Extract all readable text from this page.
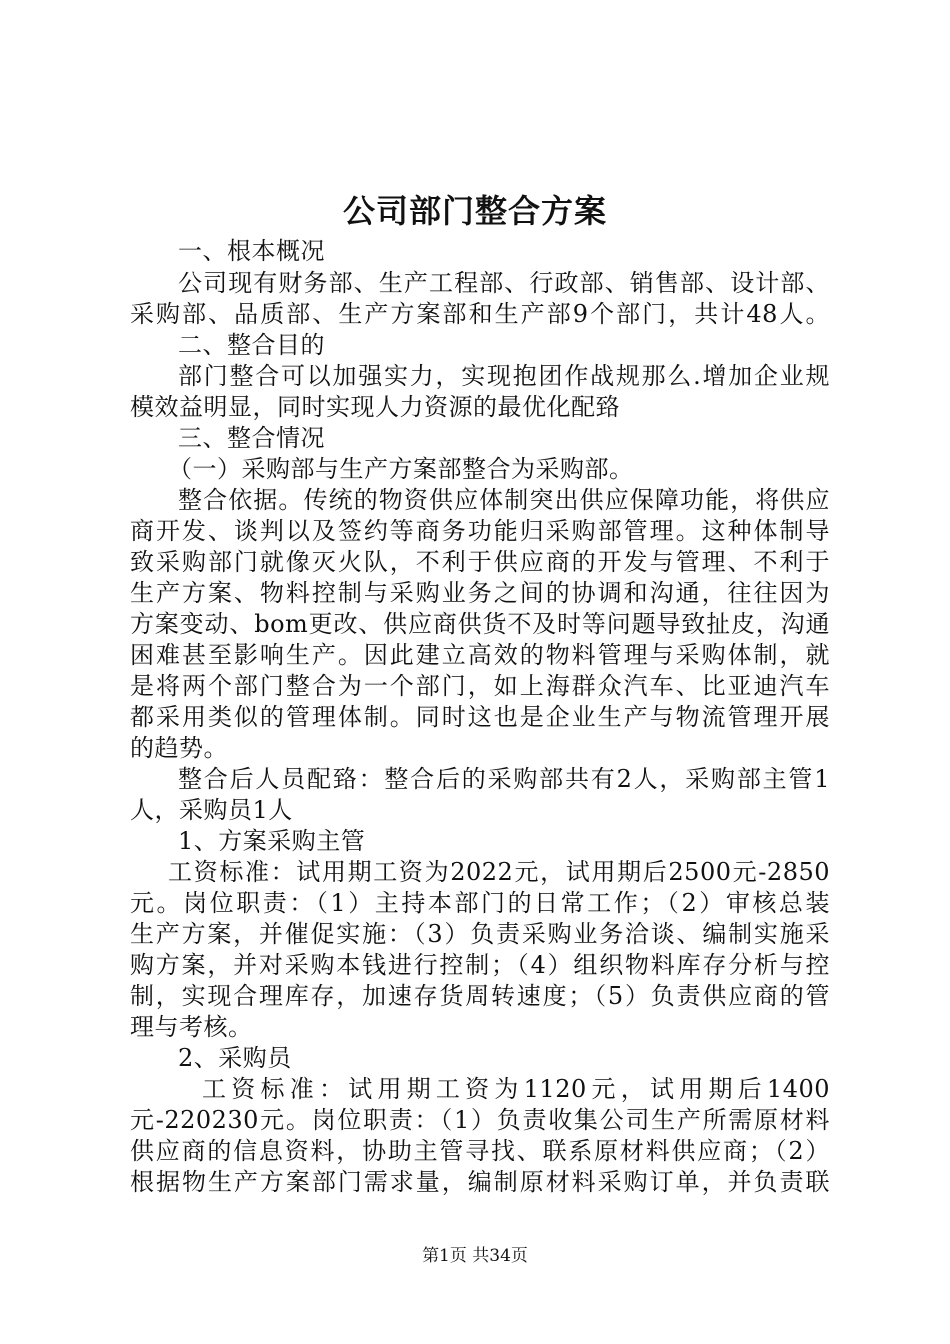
公司部门整合方案
一、根本概况
公司现有财务部、生产工程部、行政部、销售部、设计部、
采购部、品质部、生产方案部和生产部9个部门，共计48人。
二、整合目的
部门整合可以加强实力，实现抱团作战规那么.增加企业规
模效益明显，同时实现人力资源的最优化配臵
三、整合情况
（一）采购部与生产方案部整合为采购部。
整合依据。传统的物资供应体制突出供应保障功能，将供应
商开发、谈判以及签约等商务功能归采购部管理。这种体制导
致采购部门就像灭火队，不利于供应商的开发与管理、不利于
生产方案、物料控制与采购业务之间的协调和沟通，往往因为
方案变动、bom更改、供应商供货不及时等问题导致扯皮，沟通
困难甚至影响生产。因此建立高效的物料管理与采购体制，就
是将两个部门整合为一个部门，如上海群众汽车、比亚迪汽车
都采用类似的管理体制。同时这也是企业生产与物流管理开展
的趋势。
整合后人员配臵：整合后的采购部共有2人，采购部主管1
人，采购员1人
1、方案采购主管
工资标准：试用期工资为2022元，试用期后2500元-2850
元。岗位职责：（1）主持本部门的日常工作；（2）审核总装
生产方案，并催促实施：（3）负责采购业务洽谈、编制实施采
购方案，并对采购本钱进行控制；（4）组织物料库存分析与控
制，实现合理库存，加速存货周转速度；（5）负责供应商的管
理与考核。
2、采购员
工资标准：试用期工资为1120元，试用期后1400
元-220230元。岗位职责：（1）负责收集公司生产所需原材料
供应商的信息资料，协助主管寻找、联系原材料供应商；（2）
根据物生产方案部门需求量，编制原材料采购订单，并负责联
第1页 共34页
